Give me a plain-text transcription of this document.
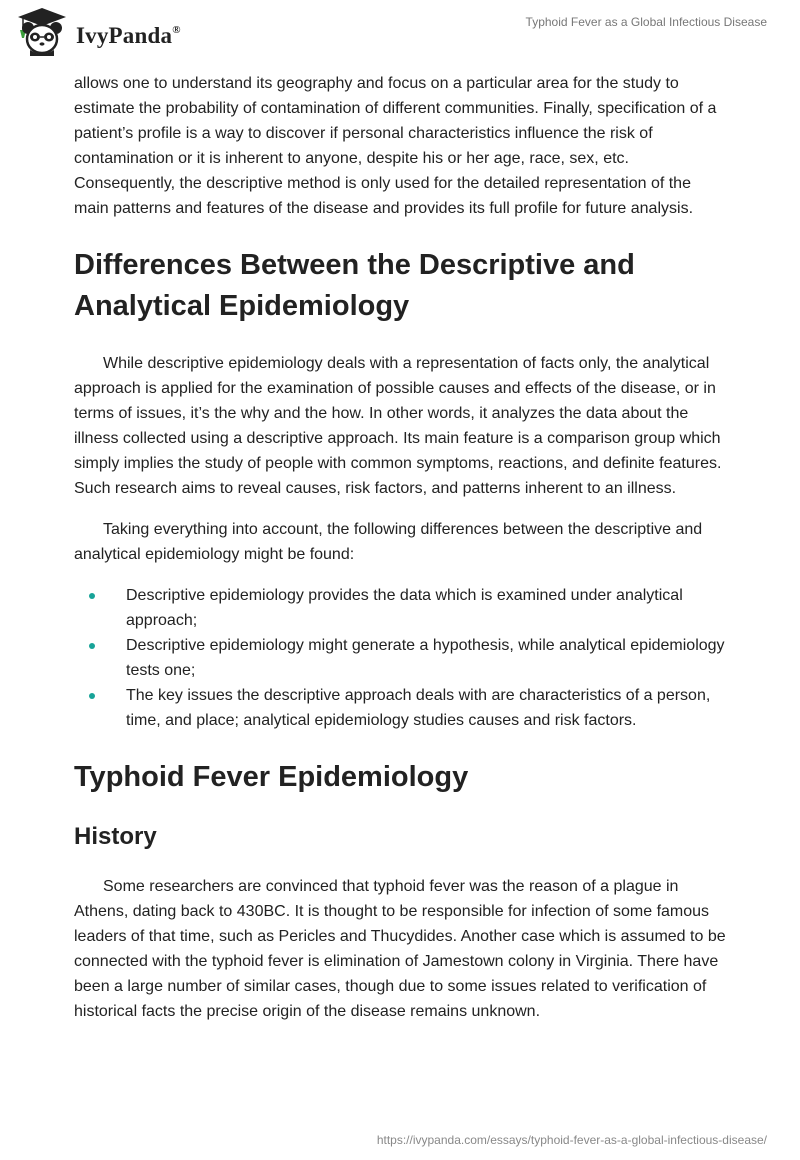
IvyPanda®
Typhoid Fever as a Global Infectious Disease

allows one to understand its geography and focus on a particular area for the study to estimate the probability of contamination of different communities. Finally, specification of a patient’s profile is a way to discover if personal characteristics influence the risk of contamination or it is inherent to anyone, despite his or her age, race, sex, etc. Consequently, the descriptive method is only used for the detailed representation of the main patterns and features of the disease and provides its full profile for future analysis.

Differences Between the Descriptive and Analytical Epidemiology

While descriptive epidemiology deals with a representation of facts only, the analytical approach is applied for the examination of possible causes and effects of the disease, or in terms of issues, it’s the why and the how. In other words, it analyzes the data about the illness collected using a descriptive approach. Its main feature is a comparison group which simply implies the study of people with common symptoms, reactions, and definite features. Such research aims to reveal causes, risk factors, and patterns inherent to an illness.

Taking everything into account, the following differences between the descriptive and analytical epidemiology might be found:

Descriptive epidemiology provides the data which is examined under analytical approach;
Descriptive epidemiology might generate a hypothesis, while analytical epidemiology tests one;
The key issues the descriptive approach deals with are characteristics of a person, time, and place; analytical epidemiology studies causes and risk factors.
Typhoid Fever Epidemiology
History

Some researchers are convinced that typhoid fever was the reason of a plague in Athens, dating back to 430BC. It is thought to be responsible for infection of some famous leaders of that time, such as Pericles and Thucydides. Another case which is assumed to be connected with the typhoid fever is elimination of Jamestown colony in Virginia. There have been a large number of similar cases, though due to some issues related to verification of historical facts the precise origin of the disease remains unknown.

https://ivypanda.com/essays/typhoid-fever-as-a-global-infectious-disease/
